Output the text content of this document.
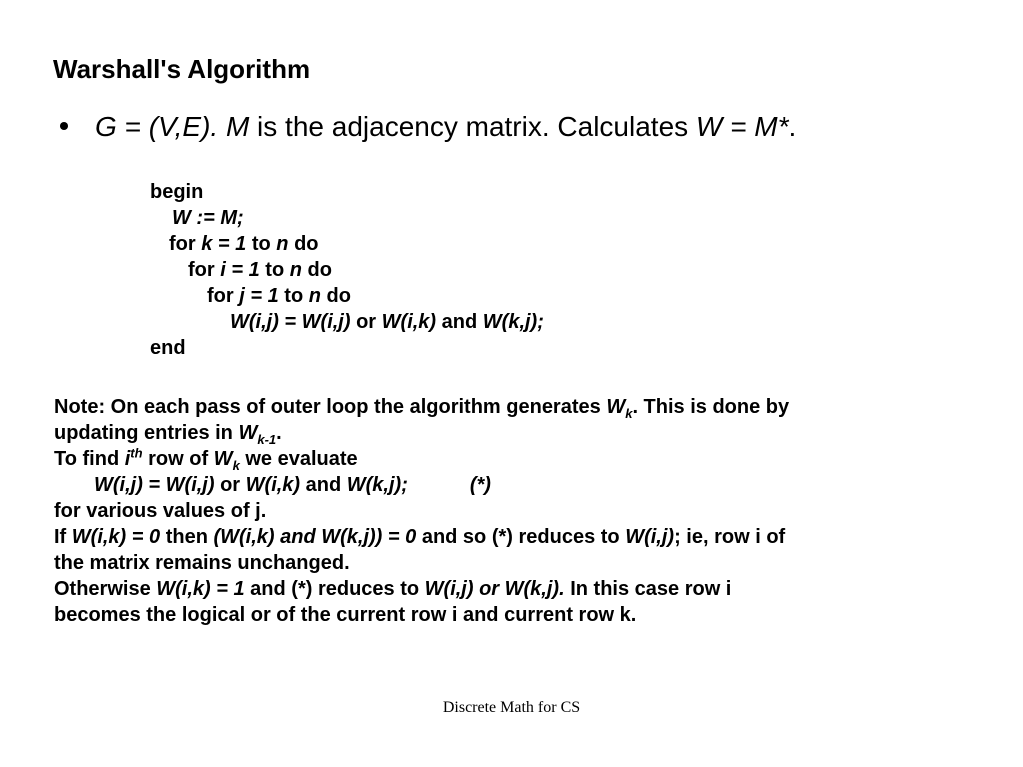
Warshall's Algorithm
G = (V,E). M is the adjacency matrix. Calculates W = M*.
begin
W := M;
for k = 1 to n do
for i = 1 to n do
for j = 1 to n do
W(i,j) = W(i,j) or W(i,k) and W(k,j);
end
Note: On each pass of outer loop the algorithm generates $W_k$. This is done by
updating entries in $W_{k-1}$.
To find $i^{th}$ row of $W_k$ we evaluate
W(i,j) = W(i,j) or W(i,k) and W(k,j);	(*)
for various values of j.
If W(i,k) = 0 then (W(i,k) and W(k,j)) = 0 and so (*) reduces to W(i,j); ie, row i of
the matrix remains unchanged.
Otherwise W(i,k) = 1 and (*) reduces to W(i,j) or W(k,j). In this case row i
becomes the logical or of the current row i and current row k.
Discrete Math for CS
